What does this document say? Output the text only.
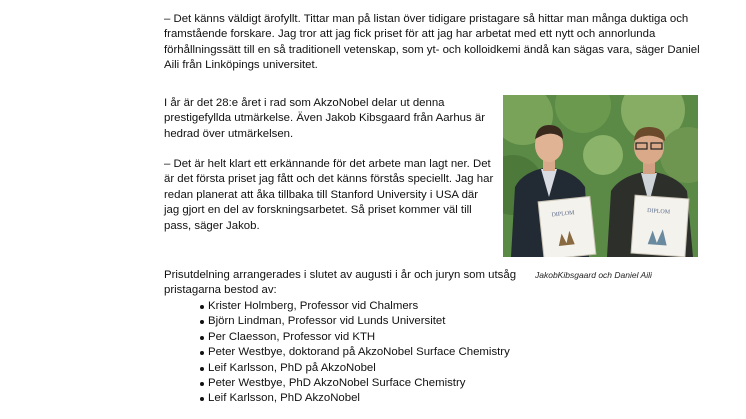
– Det känns väldigt ärofyllt. Tittar man på listan över tidigare pristagare så hittar man många duktiga och framstående forskare. Jag tror att jag fick priset för att jag har arbetat med ett nytt och annorlunda förhållningssätt till en så traditionell vetenskap, som yt- och kolloidkemi ändå kan sägas vara, säger Daniel Aili från Linköpings universitet.

I år är det 28:e året i rad som AkzoNobel delar ut denna prestigefyllda utmärkelse. Även Jakob Kibsgaard från Aarhus är hedrad över utmärkelsen.

– Det är helt klart ett erkännande för det arbete man lagt ner. Det är det första priset jag fått och det känns förstås speciellt. Jag har redan planerat att åka tillbaka till Stanford University i USA där jag gjort en del av forskningsarbetet. Så priset kommer väl till pass, säger Jakob.

Prisutdelning arrangerades i slutet av augusti i år och juryn som utsåg pristagarna bestod av:

Krister Holmberg, Professor vid Chalmers
Björn Lindman, Professor vid Lunds Universitet
Per Claesson, Professor vid KTH
Peter Westbye, doktorand på AkzoNobel Surface Chemistry
Leif Karlsson, PhD på AkzoNobel
Peter Westbye, PhD AkzoNobel Surface Chemistry
Leif Karlsson, PhD AkzoNobel
DIPLOM	DIPLOM
JakobKibsgaard och Daniel Aili
